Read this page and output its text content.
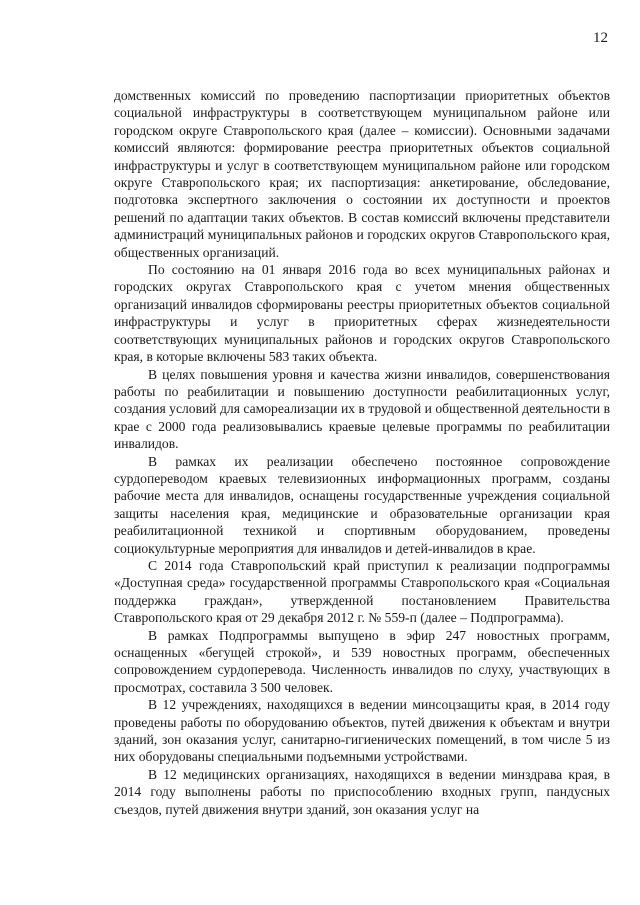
12

домственных комиссий по проведению паспортизации приоритетных объектов социальной инфраструктуры в соответствующем муниципальном районе или городском округе Ставропольского края (далее – комиссии). Основными задачами комиссий являются: формирование реестра приоритетных объектов социальной инфраструктуры и услуг в соответствующем муниципальном районе или городском округе Ставропольского края; их паспортизация: анкетирование, обследование, подготовка экспертного заключения о состоянии их доступности и проектов решений по адаптации таких объектов. В состав комиссий включены представители администраций муниципальных районов и городских округов Ставропольского края, общественных организаций.

По состоянию на 01 января 2016 года во всех муниципальных районах и городских округах Ставропольского края с учетом мнения общественных организаций инвалидов сформированы реестры приоритетных объектов социальной инфраструктуры и услуг в приоритетных сферах жизнедеятельности соответствующих муниципальных районов и городских округов Ставропольского края, в которые включены 583 таких объекта.

В целях повышения уровня и качества жизни инвалидов, совершенствования работы по реабилитации и повышению доступности реабилитационных услуг, создания условий для самореализации их в трудовой и общественной деятельности в крае с 2000 года реализовывались краевые целевые программы по реабилитации инвалидов.

В рамках их реализации обеспечено постоянное сопровождение сурдопереводом краевых телевизионных информационных программ, созданы рабочие места для инвалидов, оснащены государственные учреждения социальной защиты населения края, медицинские и образовательные организации края реабилитационной техникой и спортивным оборудованием, проведены социокультурные мероприятия для инвалидов и детей-инвалидов в крае.

С 2014 года Ставропольский край приступил к реализации подпрограммы «Доступная среда» государственной программы Ставропольского края «Социальная поддержка граждан», утвержденной постановлением Правительства Ставропольского края от 29 декабря 2012 г. № 559-п (далее – Подпрограмма).

В рамках Подпрограммы выпущено в эфир 247 новостных программ, оснащенных «бегущей строкой», и 539 новостных программ, обеспеченных сопровождением сурдоперевода. Численность инвалидов по слуху, участвующих в просмотрах, составила 3 500 человек.

В 12 учреждениях, находящихся в ведении минсоцзащиты края, в 2014 году проведены работы по оборудованию объектов, путей движения к объектам и внутри зданий, зон оказания услуг, санитарно-гигиенических помещений, в том числе 5 из них оборудованы специальными подъемными устройствами.

В 12 медицинских организациях, находящихся в ведении минздрава края, в 2014 году выполнены работы по приспособлению входных групп, пандусных съездов, путей движения внутри зданий, зон оказания услуг на
